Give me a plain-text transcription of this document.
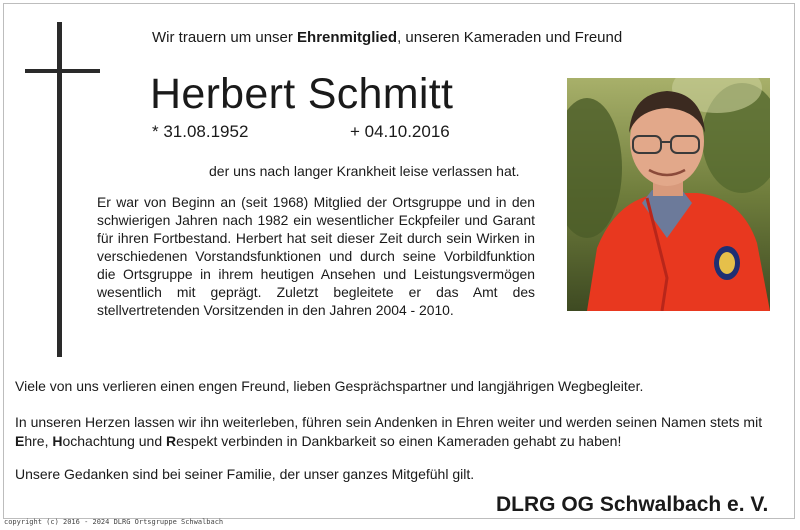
Wir trauern um unser Ehrenmitglied, unseren Kameraden und Freund
Herbert Schmitt
* 31.08.1952	+ 04.10.2016
der uns nach langer Krankheit leise verlassen hat.

Er war von Beginn an (seit 1968) Mitglied der Ortsgruppe und in den schwierigen Jahren nach 1982 ein wesentlicher Eckpfeiler und Garant für ihren Fortbestand. Herbert hat seit dieser Zeit durch sein Wirken in verschiedenen Vorstandsfunktionen und durch seine Vorbildfunktion die Ortsgruppe in ihrem heutigen Ansehen und Leistungsvermögen wesentlich mit geprägt. Zuletzt begleitete er das Amt des stellvertretenden Vorsitzenden in den Jahren 2004 - 2010.

Viele von uns verlieren einen engen Freund, lieben Gesprächspartner und langjährigen Wegbegleiter.

In unseren Herzen lassen wir ihn weiterleben, führen sein Andenken in Ehren weiter und werden seinen Namen stets mit Ehre, Hochachtung und Respekt verbinden in Dankbarkeit so einen Kameraden gehabt zu haben!

Unsere Gedanken sind bei seiner Familie, der unser ganzes Mitgefühl gilt.

DLRG OG Schwalbach e. V.
copyright (c) 2016 - 2024 DLRG Ortsgruppe Schwalbach
